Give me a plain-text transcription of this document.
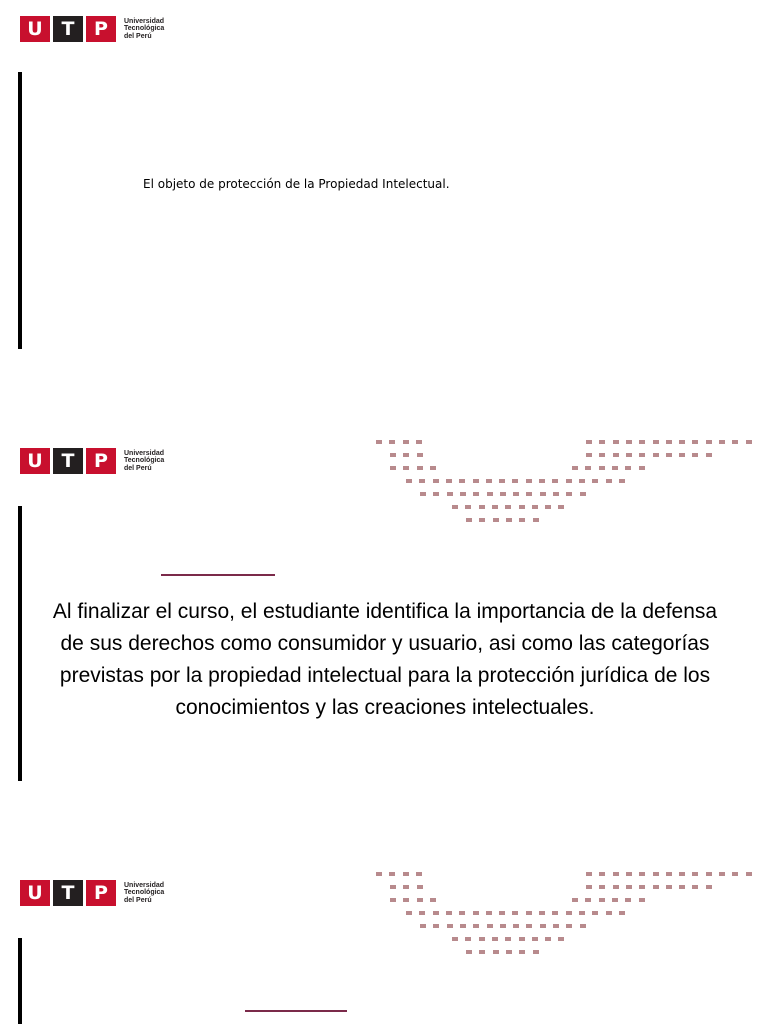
U T	P	Universidad
Tecnológica
del Perú
El objeto de protección de la Propiedad Intelectual.
U T	P	Universidad
Tecnológica
del Perú
Al finalizar el curso, el estudiante identifica la importancia de la defensa de sus derechos como consumidor y usuario, asi como las categorías previstas por la propiedad intelectual para la protección jurídica de los conocimientos y las creaciones intelectuales.
U T	P	Universidad
Tecnológica
del Perú
